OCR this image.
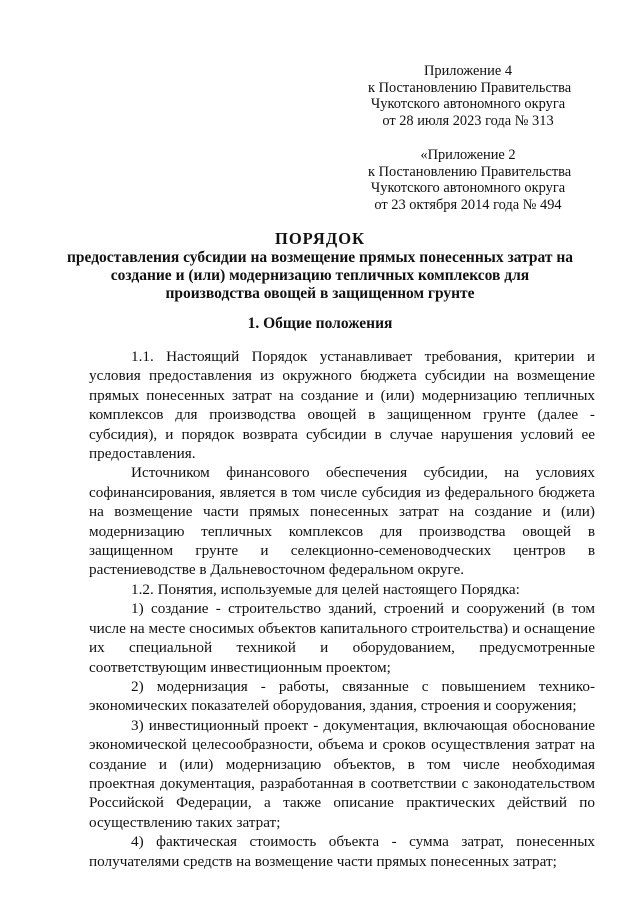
Приложение 4
к Постановлению Правительства
Чукотского автономного округа
от 28 июля 2023 года № 313
«Приложение 2
к Постановлению Правительства
Чукотского автономного округа
от 23 октября 2014 года № 494
ПОРЯДОК
предоставления субсидии на возмещение прямых понесенных затрат на
создание и (или) модернизацию тепличных комплексов для
производства овощей в защищенном грунте
1. Общие положения

1.1. Настоящий Порядок устанавливает требования, критерии и условия предоставления из окружного бюджета субсидии на возмещение прямых понесенных затрат на создание и (или) модернизацию тепличных комплексов для производства овощей в защищенном грунте (далее - субсидия), и порядок возврата субсидии в случае нарушения условий ее предоставления.

Источником финансового обеспечения субсидии, на условиях софинансирования, является в том числе субсидия из федерального бюджета на возмещение части прямых понесенных затрат на создание и (или) модернизацию тепличных комплексов для производства овощей в защищенном грунте и селекционно-семеноводческих центров в растениеводстве в Дальневосточном федеральном округе.

1.2. Понятия, используемые для целей настоящего Порядка:

1) создание - строительство зданий, строений и сооружений (в том числе на месте сносимых объектов капитального строительства) и оснащение их специальной техникой и оборудованием, предусмотренные соответствующим инвестиционным проектом;

2) модернизация - работы, связанные с повышением технико-экономических показателей оборудования, здания, строения и сооружения;

3) инвестиционный проект - документация, включающая обоснование экономической целесообразности, объема и сроков осуществления затрат на создание и (или) модернизацию объектов, в том числе необходимая проектная документация, разработанная в соответствии с законодательством Российской Федерации, а также описание практических действий по осуществлению таких затрат;

4) фактическая стоимость объекта - сумма затрат, понесенных получателями средств на возмещение части прямых понесенных затрат;
